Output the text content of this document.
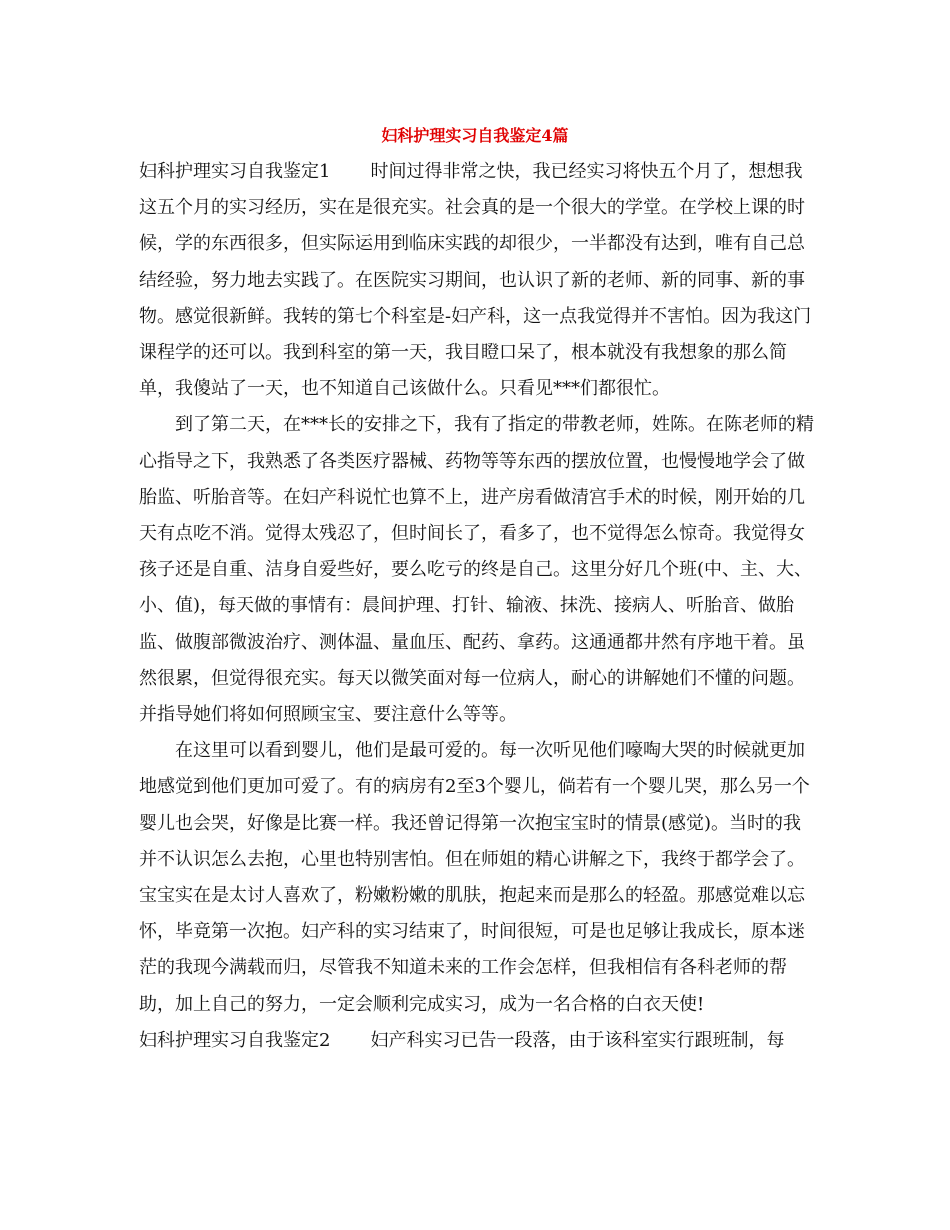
妇科护理实习自我鉴定4篇

妇科护理实习自我鉴定1 时间过得非常之快，我已经实习将快五个月了，想想我这五个月的实习经历，实在是很充实。社会真的是一个很大的学堂。在学校上课的时候，学的东西很多，但实际运用到临床实践的却很少，一半都没有达到，唯有自己总结经验，努力地去实践了。在医院实习期间，也认识了新的老师、新的同事、新的事物。感觉很新鲜。我转的第七个科室是-妇产科，这一点我觉得并不害怕。因为我这门课程学的还可以。我到科室的第一天，我目瞪口呆了，根本就没有我想象的那么简单，我傻站了一天，也不知道自己该做什么。只看见***们都很忙。

到了第二天，在***长的安排之下，我有了指定的带教老师，姓陈。在陈老师的精心指导之下，我熟悉了各类医疗器械、药物等等东西的摆放位置，也慢慢地学会了做胎监、听胎音等。在妇产科说忙也算不上，进产房看做清宫手术的时候，刚开始的几天有点吃不消。觉得太残忍了，但时间长了，看多了，也不觉得怎么惊奇。我觉得女孩子还是自重、洁身自爱些好，要么吃亏的终是自己。这里分好几个班(中、主、大、小、值)，每天做的事情有：晨间护理、打针、输液、抹洗、接病人、听胎音、做胎监、做腹部微波治疗、测体温、量血压、配药、拿药。这通通都井然有序地干着。虽然很累，但觉得很充实。每天以微笑面对每一位病人，耐心的讲解她们不懂的问题。并指导她们将如何照顾宝宝、要注意什么等等。

在这里可以看到婴儿，他们是最可爱的。每一次听见他们嚎啕大哭的时候就更加地感觉到他们更加可爱了。有的病房有2至3个婴儿，倘若有一个婴儿哭，那么另一个婴儿也会哭，好像是比赛一样。我还曾记得第一次抱宝宝时的情景(感觉)。当时的我并不认识怎么去抱，心里也特别害怕。但在师姐的精心讲解之下，我终于都学会了。宝宝实在是太讨人喜欢了，粉嫩粉嫩的肌肤，抱起来而是那么的轻盈。那感觉难以忘怀，毕竟第一次抱。妇产科的实习结束了，时间很短，可是也足够让我成长，原本迷茫的我现今满载而归，尽管我不知道未来的工作会怎样，但我相信有各科老师的帮助，加上自己的努力，一定会顺利完成实习，成为一名合格的白衣天使!

妇科护理实习自我鉴定2 妇产科实习已告一段落，由于该科室实行跟班制，每
